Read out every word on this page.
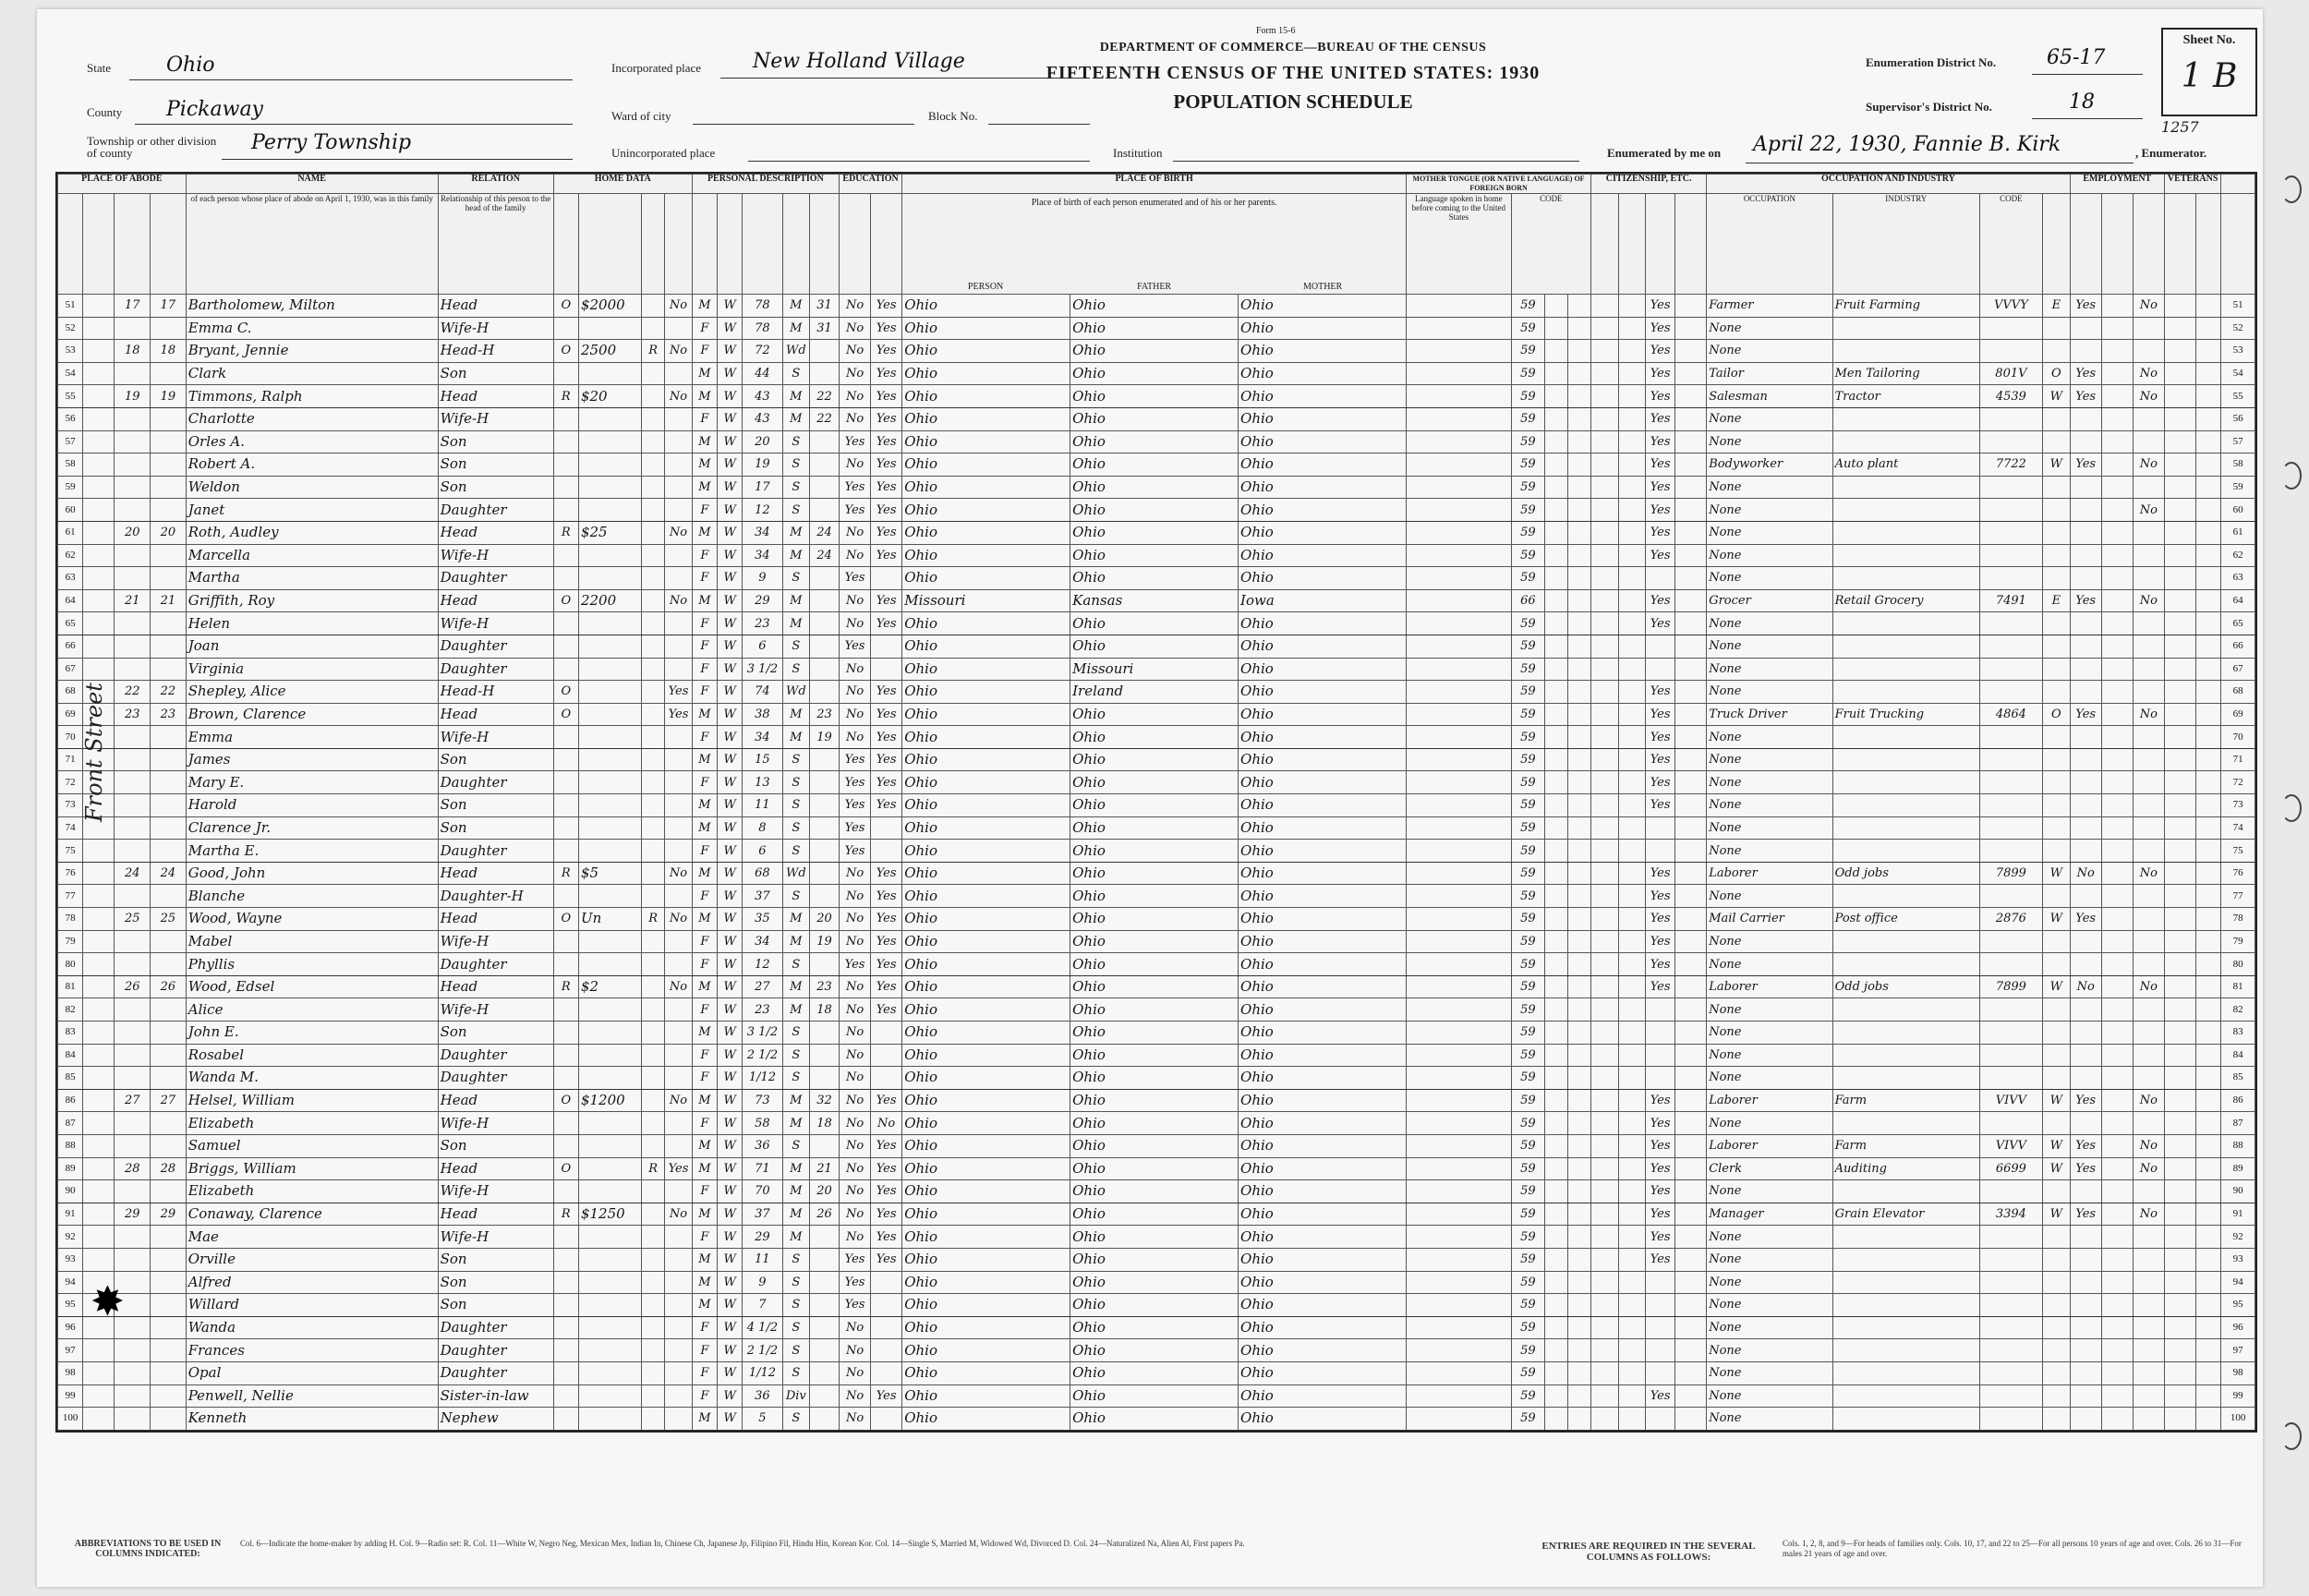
Form 15-6
State	Ohio
County Pickaway
Township or other division of county	Perry Township
Incorporated place	New Holland Village
Ward of city	Block No.
Unincorporated place	Institution
DEPARTMENT OF COMMERCE—BUREAU OF THE CENSUS
FIFTEENTH CENSUS OF THE UNITED STATES: 1930
POPULATION SCHEDULE
Enumeration District No. 65-17
Supervisor's District No.	18
Enumerated by me on April 22, 1930, Fannie B. Kirk	, Enumerator.
Sheet No.
1 B
1257
PLACE OF ABODE				NAME	RELATION	HOME DATA				PERSONAL DESCRIPTION					EDUCATION		PLACE OF BIRTH			MOTHER TONGUE (OR NATIVE LANGUAGE) OF FOREIGN BORN				CITIZENSHIP, ETC.				OCCUPATION AND INDUSTRY				EMPLOYMENT			VETERANS		
				of each person whose place of abode on April 1, 1930, was in this family	Relationship of this person to the head of the family												Place of birth of each person enumerated and of his or her parents.
PERSON FATHER MOTHER			Language spoken in home before coming to the United States	CODE							OCCUPATION	INDUSTRY	CODE							
51		17	17	Bartholomew, Milton	Head	O	$2000		No	M	W	78	M	31	No	Yes	Ohio	Ohio	Ohio		59					Yes		Farmer	Fruit Farming	VVVY	E	Yes		No			51
52				Emma C.	Wife-H					F	W	78	M	31	No	Yes	Ohio	Ohio	Ohio		59					Yes		None									52
53		18	18	Bryant, Jennie	Head-H	O	2500	R	No	F	W	72	Wd		No	Yes	Ohio	Ohio	Ohio		59					Yes		None									53
54				Clark	Son					M	W	44	S		No	Yes	Ohio	Ohio	Ohio		59					Yes		Tailor	Men Tailoring	801V	O	Yes		No			54
55		19	19	Timmons, Ralph	Head	R	$20		No	M	W	43	M	22	No	Yes	Ohio	Ohio	Ohio		59					Yes		Salesman	Tractor	4539	W	Yes		No			55
56				Charlotte	Wife-H					F	W	43	M	22	No	Yes	Ohio	Ohio	Ohio		59					Yes		None									56
57				Orles A.	Son					M	W	20	S		Yes	Yes	Ohio	Ohio	Ohio		59					Yes		None									57
58				Robert A.	Son					M	W	19	S		No	Yes	Ohio	Ohio	Ohio		59					Yes		Bodyworker	Auto plant	7722	W	Yes		No			58
59				Weldon	Son					M	W	17	S		Yes	Yes	Ohio	Ohio	Ohio		59					Yes		None									59
60				Janet	Daughter					F	W	12	S		Yes	Yes	Ohio	Ohio	Ohio		59					Yes		None						No			60
61		20	20	Roth, Audley	Head	R	$25		No	M	W	34	M	24	No	Yes	Ohio	Ohio	Ohio		59					Yes		None									61
62				Marcella	Wife-H					F	W	34	M	24	No	Yes	Ohio	Ohio	Ohio		59					Yes		None									62
63				Martha	Daughter					F	W	9	S		Yes		Ohio	Ohio	Ohio		59							None									63
64		21	21	Griffith, Roy	Head	O	2200		No	M	W	29	M		No	Yes	Missouri	Kansas	Iowa		66					Yes		Grocer	Retail Grocery	7491	E	Yes		No			64
65				Helen	Wife-H					F	W	23	M		No	Yes	Ohio	Ohio	Ohio		59					Yes		None									65
66				Joan	Daughter					F	W	6	S		Yes		Ohio	Ohio	Ohio		59							None									66
67				Virginia	Daughter					F	W	3 1/2	S		No		Ohio	Missouri	Ohio		59							None									67
68		22	22	Shepley, Alice	Head-H	O			Yes	F	W	74	Wd		No	Yes	Ohio	Ireland	Ohio		59					Yes		None									68
69		23	23	Brown, Clarence	Head	O			Yes	M	W	38	M	23	No	Yes	Ohio	Ohio	Ohio		59					Yes		Truck Driver	Fruit Trucking	4864	O	Yes		No			69
70				Emma	Wife-H					F	W	34	M	19	No	Yes	Ohio	Ohio	Ohio		59					Yes		None									70
71				James	Son					M	W	15	S		Yes	Yes	Ohio	Ohio	Ohio		59					Yes		None									71
72				Mary E.	Daughter					F	W	13	S		Yes	Yes	Ohio	Ohio	Ohio		59					Yes		None									72
73				Harold	Son					M	W	11	S		Yes	Yes	Ohio	Ohio	Ohio		59					Yes		None									73
74				Clarence Jr.	Son					M	W	8	S		Yes		Ohio	Ohio	Ohio		59							None									74
75				Martha E.	Daughter					F	W	6	S		Yes		Ohio	Ohio	Ohio		59							None									75
76		24	24	Good, John	Head	R	$5		No	M	W	68	Wd		No	Yes	Ohio	Ohio	Ohio		59					Yes		Laborer	Odd jobs	7899	W	No		No			76
77				Blanche	Daughter-H					F	W	37	S		No	Yes	Ohio	Ohio	Ohio		59					Yes		None									77
78		25	25	Wood, Wayne	Head	O	Un	R	No	M	W	35	M	20	No	Yes	Ohio	Ohio	Ohio		59					Yes		Mail Carrier	Post office	2876	W	Yes					78
79				Mabel	Wife-H					F	W	34	M	19	No	Yes	Ohio	Ohio	Ohio		59					Yes		None									79
80				Phyllis	Daughter					F	W	12	S		Yes	Yes	Ohio	Ohio	Ohio		59					Yes		None									80
81		26	26	Wood, Edsel	Head	R	$2		No	M	W	27	M	23	No	Yes	Ohio	Ohio	Ohio		59					Yes		Laborer	Odd jobs	7899	W	No		No			81
82				Alice	Wife-H					F	W	23	M	18	No	Yes	Ohio	Ohio	Ohio		59							None									82
83				John E.	Son					M	W	3 1/2	S		No		Ohio	Ohio	Ohio		59							None									83
84				Rosabel	Daughter					F	W	2 1/2	S		No		Ohio	Ohio	Ohio		59							None									84
85				Wanda M.	Daughter					F	W	1/12	S		No		Ohio	Ohio	Ohio		59							None									85
86		27	27	Helsel, William	Head	O	$1200		No	M	W	73	M	32	No	Yes	Ohio	Ohio	Ohio		59					Yes		Laborer	Farm	VIVV	W	Yes		No			86
87				Elizabeth	Wife-H					F	W	58	M	18	No	No	Ohio	Ohio	Ohio		59					Yes		None									87
88				Samuel	Son					M	W	36	S		No	Yes	Ohio	Ohio	Ohio		59					Yes		Laborer	Farm	VIVV	W	Yes		No			88
89		28	28	Briggs, William	Head	O		R	Yes	M	W	71	M	21	No	Yes	Ohio	Ohio	Ohio		59					Yes		Clerk	Auditing	6699	W	Yes		No			89
90				Elizabeth	Wife-H					F	W	70	M	20	No	Yes	Ohio	Ohio	Ohio		59					Yes		None									90
91		29	29	Conaway, Clarence	Head	R	$1250		No	M	W	37	M	26	No	Yes	Ohio	Ohio	Ohio		59					Yes		Manager	Grain Elevator	3394	W	Yes		No			91
92				Mae	Wife-H					F	W	29	M		No	Yes	Ohio	Ohio	Ohio		59					Yes		None									92
93				Orville	Son					M	W	11	S		Yes	Yes	Ohio	Ohio	Ohio		59					Yes		None									93
94				Alfred	Son					M	W	9	S		Yes		Ohio	Ohio	Ohio		59							None									94
95				Willard	Son					M	W	7	S		Yes		Ohio	Ohio	Ohio		59							None									95
96				Wanda	Daughter					F	W	4 1/2	S		No		Ohio	Ohio	Ohio		59							None									96
97				Frances	Daughter					F	W	2 1/2	S		No		Ohio	Ohio	Ohio		59							None									97
98				Opal	Daughter					F	W	1/12	S		No		Ohio	Ohio	Ohio		59							None									98
99				Penwell, Nellie	Sister-in-law					F	W	36	Div		No	Yes	Ohio	Ohio	Ohio		59					Yes		None									99
100				Kenneth	Nephew					M	W	5	S		No		Ohio	Ohio	Ohio		59							None									100
Front Street
✸
ABBREVIATIONS TO BE USED IN COLUMNS INDICATED:
Col. 6—Indicate the home-maker by adding H. Col. 9—Radio set: R. Col. 11—White W, Negro Neg, Mexican Mex, Indian In, Chinese Ch, Japanese Jp, Filipino Fil, Hindu Hin, Korean Kor. Col. 14—Single S, Married M, Widowed Wd, Divorced D. Col. 24—Naturalized Na, Alien Al, First papers Pa.	ENTRIES ARE REQUIRED IN THE SEVERAL COLUMNS AS FOLLOWS:
Cols. 1, 2, 8, and 9—For heads of families only. Cols. 10, 17, and 22 to 25—For all persons 10 years of age and over. Cols. 26 to 31—For males 21 years of age and over.
